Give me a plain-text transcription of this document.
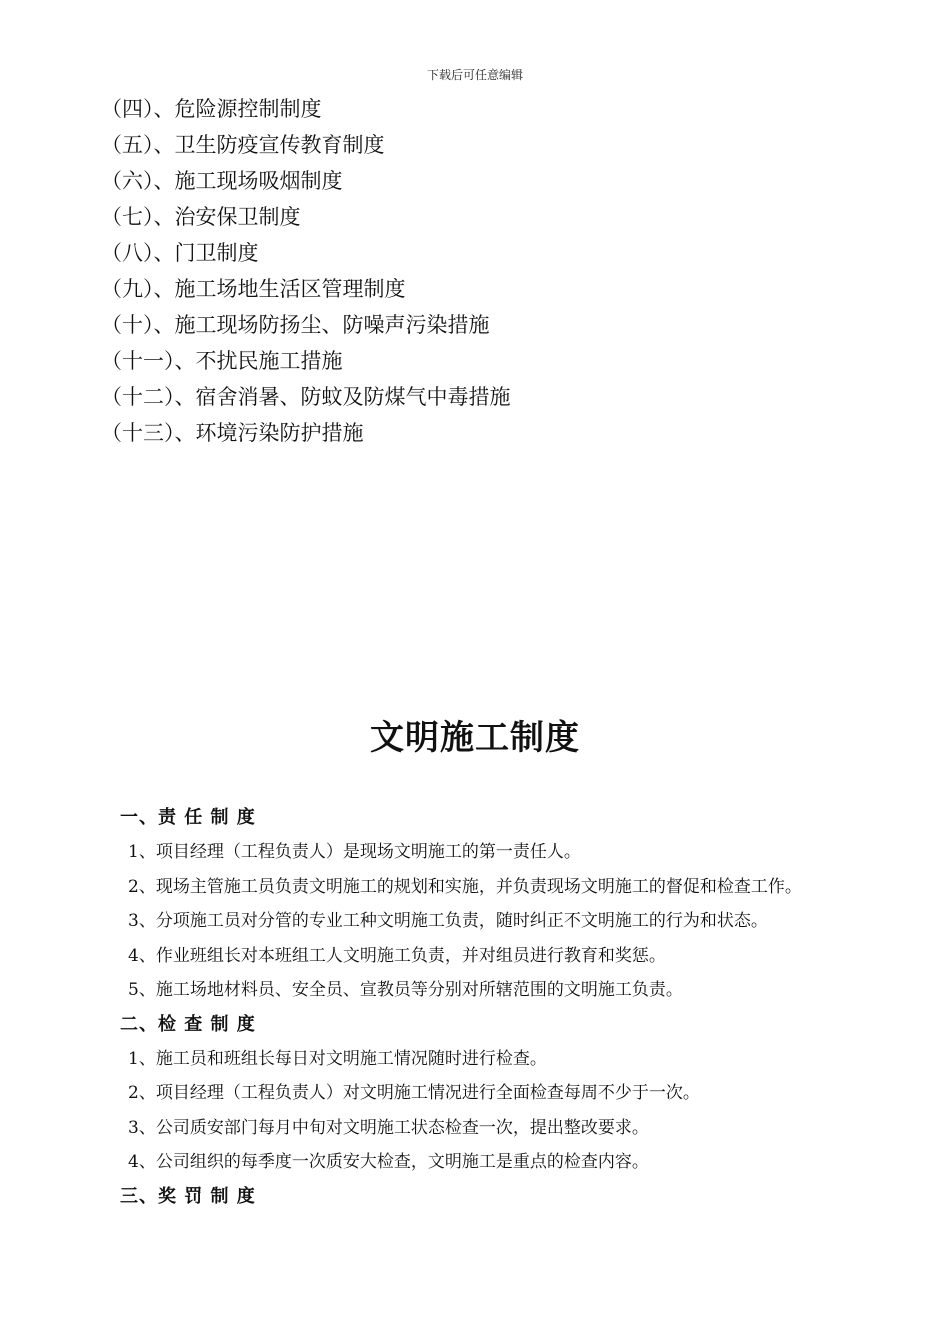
下载后可任意编辑
（四）、危险源控制制度
（五）、卫生防疫宣传教育制度
（六）、施工现场吸烟制度
（七）、治安保卫制度
（八）、门卫制度
（九）、施工场地生活区管理制度
（十）、施工现场防扬尘、防噪声污染措施
（十一）、不扰民施工措施
（十二）、宿舍消暑、防蚊及防煤气中毒措施
（十三）、环境污染防护措施
文明施工制度
一、责 任 制 度
1、项目经理（工程负责人）是现场文明施工的第一责任人。
2、现场主管施工员负责文明施工的规划和实施，并负责现场文明施工的督促和检查工作。
3、分项施工员对分管的专业工种文明施工负责，随时纠正不文明施工的行为和状态。
4、作业班组长对本班组工人文明施工负责，并对组员进行教育和奖惩。
5、施工场地材料员、安全员、宣教员等分别对所辖范围的文明施工负责。
二、检 查 制 度
1、施工员和班组长每日对文明施工情况随时进行检查。
2、项目经理（工程负责人）对文明施工情况进行全面检查每周不少于一次。
3、公司质安部门每月中旬对文明施工状态检查一次，提出整改要求。
4、公司组织的每季度一次质安大检查，文明施工是重点的检查内容。
三、奖 罚 制 度
